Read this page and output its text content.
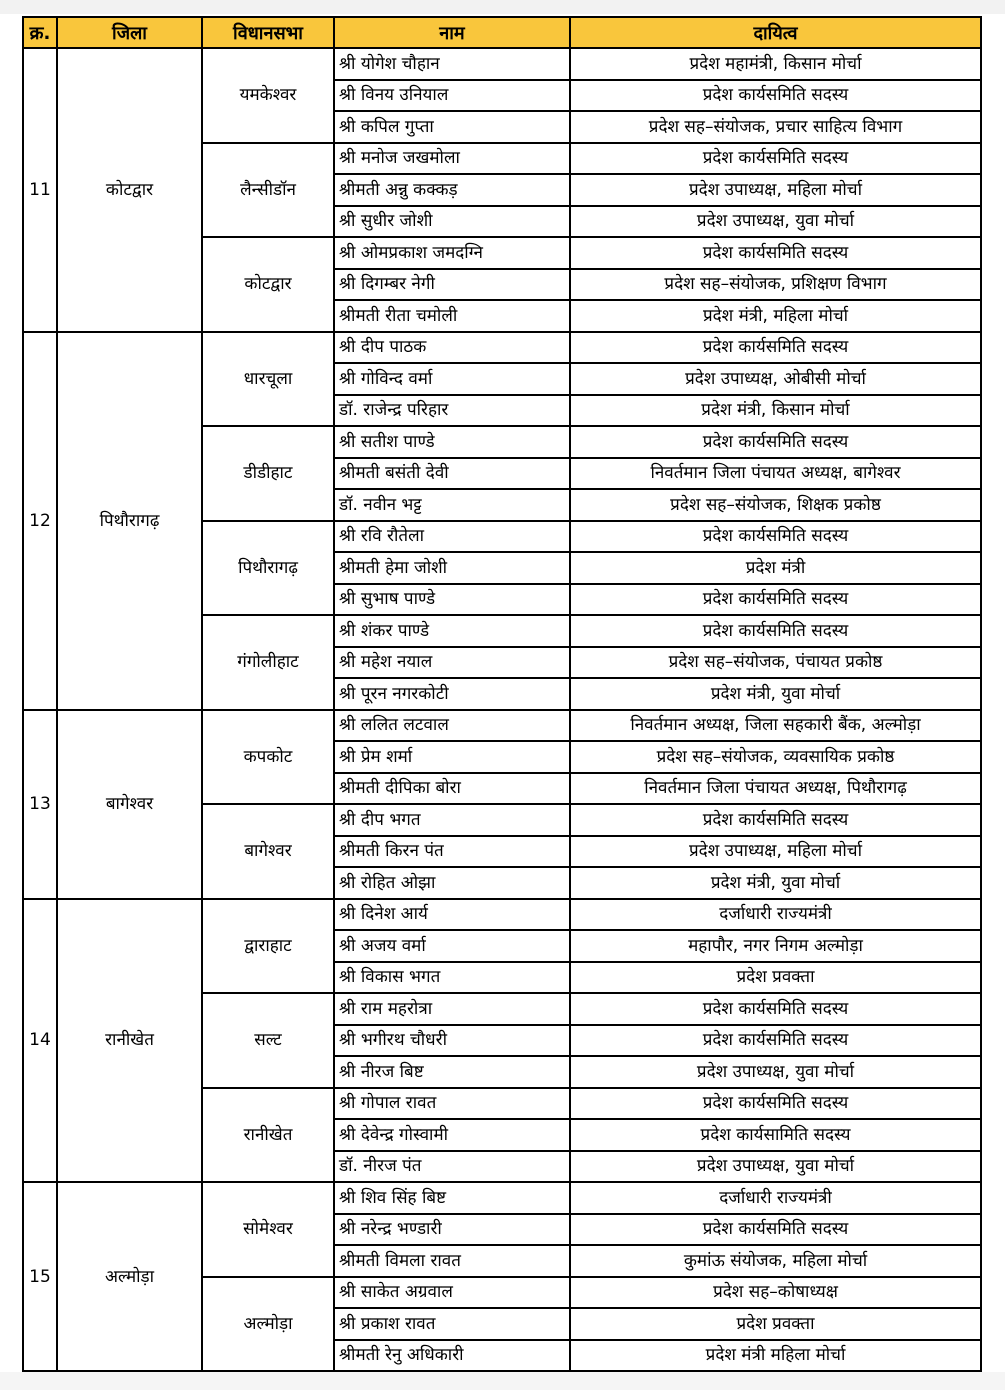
क्र.	जिला	विधानसभा	नाम	दायित्व
11	कोटद्वार	यमकेश्वर	श्री योगेश चौहान	प्रदेश महामंत्री, किसान मोर्चा
			श्री विनय उनियाल	प्रदेश कार्यसमिति सदस्य
			श्री कपिल गुप्ता	प्रदेश सह–संयोजक, प्रचार साहित्य विभाग
		लैन्सीडॉन	श्री मनोज जखमोला	प्रदेश कार्यसमिति सदस्य
			श्रीमती अन्नु कक्कड़	प्रदेश उपाध्यक्ष, महिला मोर्चा
			श्री सुधीर जोशी	प्रदेश उपाध्यक्ष, युवा मोर्चा
		कोटद्वार	श्री ओमप्रकाश जमदग्नि	प्रदेश कार्यसमिति सदस्य
			श्री दिगम्बर नेगी	प्रदेश सह–संयोजक, प्रशिक्षण विभाग
			श्रीमती रीता चमोली	प्रदेश मंत्री, महिला मोर्चा
12	पिथौरागढ़	धारचूला	श्री दीप पाठक	प्रदेश कार्यसमिति सदस्य
			श्री गोविन्द वर्मा	प्रदेश उपाध्यक्ष, ओबीसी मोर्चा
			डॉ. राजेन्द्र परिहार	प्रदेश मंत्री, किसान मोर्चा
		डीडीहाट	श्री सतीश पाण्डे	प्रदेश कार्यसमिति सदस्य
			श्रीमती बसंती देवी	निवर्तमान जिला पंचायत अध्यक्ष, बागेश्वर
			डॉ. नवीन भट्ट	प्रदेश सह–संयोजक, शिक्षक प्रकोष्ठ
		पिथौरागढ़	श्री रवि रौतेला	प्रदेश कार्यसमिति सदस्य
			श्रीमती हेमा जोशी	प्रदेश मंत्री
			श्री सुभाष पाण्डे	प्रदेश कार्यसमिति सदस्य
		गंगोलीहाट	श्री शंकर पाण्डे	प्रदेश कार्यसमिति सदस्य
			श्री महेश नयाल	प्रदेश सह–संयोजक, पंचायत प्रकोष्ठ
			श्री पूरन नगरकोटी	प्रदेश मंत्री, युवा मोर्चा
13	बागेश्वर	कपकोट	श्री ललित लटवाल	निवर्तमान अध्यक्ष, जिला सहकारी बैंक, अल्मोड़ा
			श्री प्रेम शर्मा	प्रदेश सह–संयोजक, व्यवसायिक प्रकोष्ठ
			श्रीमती दीपिका बोरा	निवर्तमान जिला पंचायत अध्यक्ष, पिथौरागढ़
		बागेश्वर	श्री दीप भगत	प्रदेश कार्यसमिति सदस्य
			श्रीमती किरन पंत	प्रदेश उपाध्यक्ष, महिला मोर्चा
			श्री रोहित ओझा	प्रदेश मंत्री, युवा मोर्चा
14	रानीखेत	द्वाराहाट	श्री दिनेश आर्य	दर्जाधारी राज्यमंत्री
			श्री अजय वर्मा	महापौर, नगर निगम अल्मोड़ा
			श्री विकास भगत	प्रदेश प्रवक्ता
		सल्ट	श्री राम महरोत्रा	प्रदेश कार्यसमिति सदस्य
			श्री भगीरथ चौधरी	प्रदेश कार्यसमिति सदस्य
			श्री नीरज बिष्ट	प्रदेश उपाध्यक्ष, युवा मोर्चा
		रानीखेत	श्री गोपाल रावत	प्रदेश कार्यसमिति सदस्य
			श्री देवेन्द्र गोस्वामी	प्रदेश कार्यसामिति सदस्य
			डॉ. नीरज पंत	प्रदेश उपाध्यक्ष, युवा मोर्चा
15	अल्मोड़ा	सोमेश्वर	श्री शिव सिंह बिष्ट	दर्जाधारी राज्यमंत्री
			श्री नरेन्द्र भण्डारी	प्रदेश कार्यसमिति सदस्य
			श्रीमती विमला रावत	कुमांऊ संयोजक, महिला मोर्चा
		अल्मोड़ा	श्री साकेत अग्रवाल	प्रदेश सह–कोषाध्यक्ष
			श्री प्रकाश रावत	प्रदेश प्रवक्ता
			श्रीमती रेनु अधिकारी	प्रदेश मंत्री महिला मोर्चा
